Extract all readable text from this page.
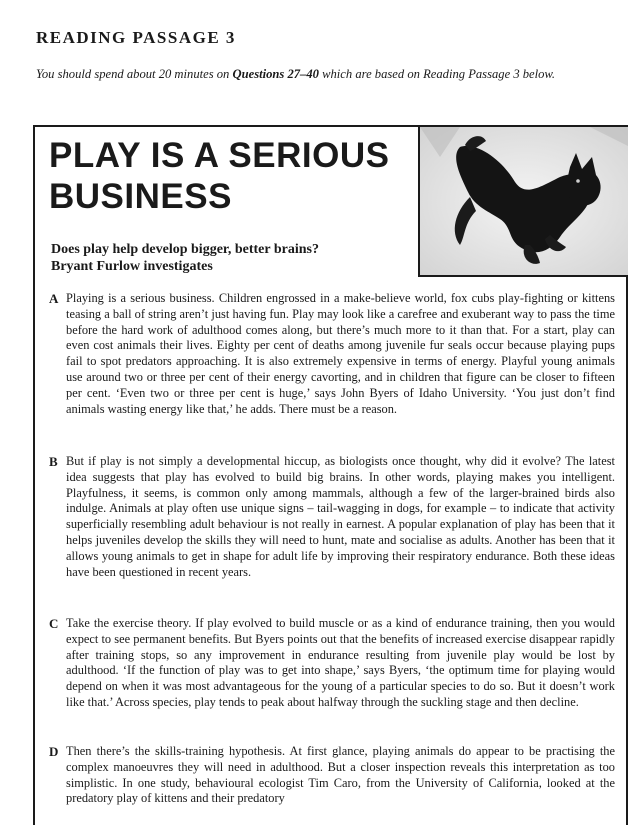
READING PASSAGE 3
You should spend about 20 minutes on Questions 27–40 which are based on Reading Passage 3 below.
PLAY IS A SERIOUS
BUSINESS
Does play help develop bigger, better brains?
Bryant Furlow investigates
A Playing is a serious business. Children engrossed in a make-believe world, fox cubs play-fighting or kittens teasing a ball of string aren’t just having fun. Play may look like a carefree and exuberant way to pass the time before the hard work of adulthood comes along, but there’s much more to it than that. For a start, play can even cost animals their lives. Eighty per cent of deaths among juvenile fur seals occur because playing pups fail to spot predators approaching. It is also extremely expensive in terms of energy. Playful young animals use around two or three per cent of their energy cavorting, and in children that figure can be closer to fifteen per cent. ‘Even two or three per cent is huge,’ says John Byers of Idaho University. ‘You just don’t find animals wasting energy like that,’ he adds. There must be a reason.
B But if play is not simply a developmental hiccup, as biologists once thought, why did it evolve? The latest idea suggests that play has evolved to build big brains. In other words, playing makes you intelligent. Playfulness, it seems, is common only among mammals, although a few of the larger-brained birds also indulge. Animals at play often use unique signs – tail-wagging in dogs, for example – to indicate that activity superficially resembling adult behaviour is not really in earnest. A popular explanation of play has been that it helps juveniles develop the skills they will need to hunt, mate and socialise as adults. Another has been that it allows young animals to get in shape for adult life by improving their respiratory endurance. Both these ideas have been questioned in recent years.
C Take the exercise theory. If play evolved to build muscle or as a kind of endurance training, then you would expect to see permanent benefits. But Byers points out that the benefits of increased exercise disappear rapidly after training stops, so any improvement in endurance resulting from juvenile play would be lost by adulthood. ‘If the function of play was to get into shape,’ says Byers, ‘the optimum time for playing would depend on when it was most advantageous for the young of a particular species to do so. But it doesn’t work like that.’ Across species, play tends to peak about halfway through the suckling stage and then decline.
D Then there’s the skills-training hypothesis. At first glance, playing animals do appear to be practising the complex manoeuvres they will need in adulthood. But a closer inspection reveals this interpretation as too simplistic. In one study, behavioural ecologist Tim Caro, from the University of California, looked at the predatory play of kittens and their predatory
